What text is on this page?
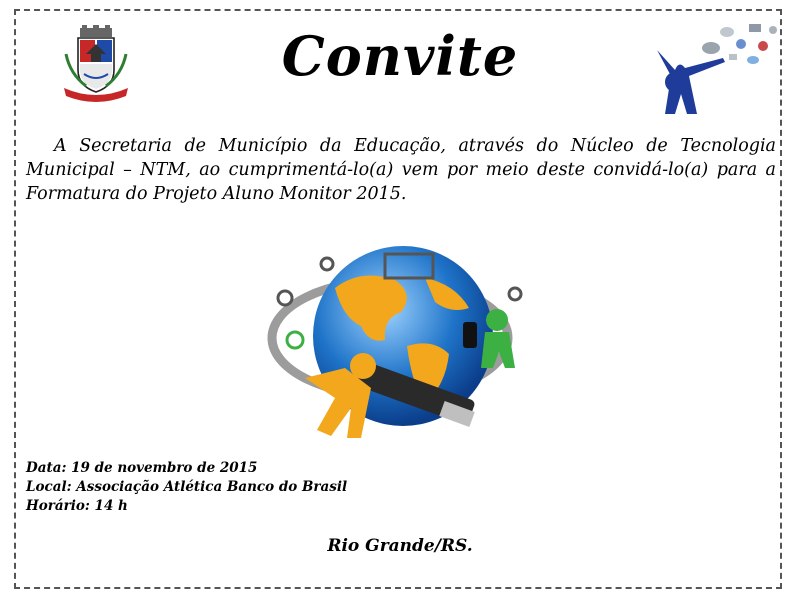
Convite
A Secretaria de Município da Educação, através do Núcleo de Tecnologia Municipal – NTM, ao cumprimentá-lo(a) vem por meio deste convidá-lo(a) para a Formatura do Projeto Aluno Monitor 2015.
Data: 19 de novembro de 2015
Local: Associação Atlética Banco do Brasil
Horário: 14 h
Rio Grande/RS.
